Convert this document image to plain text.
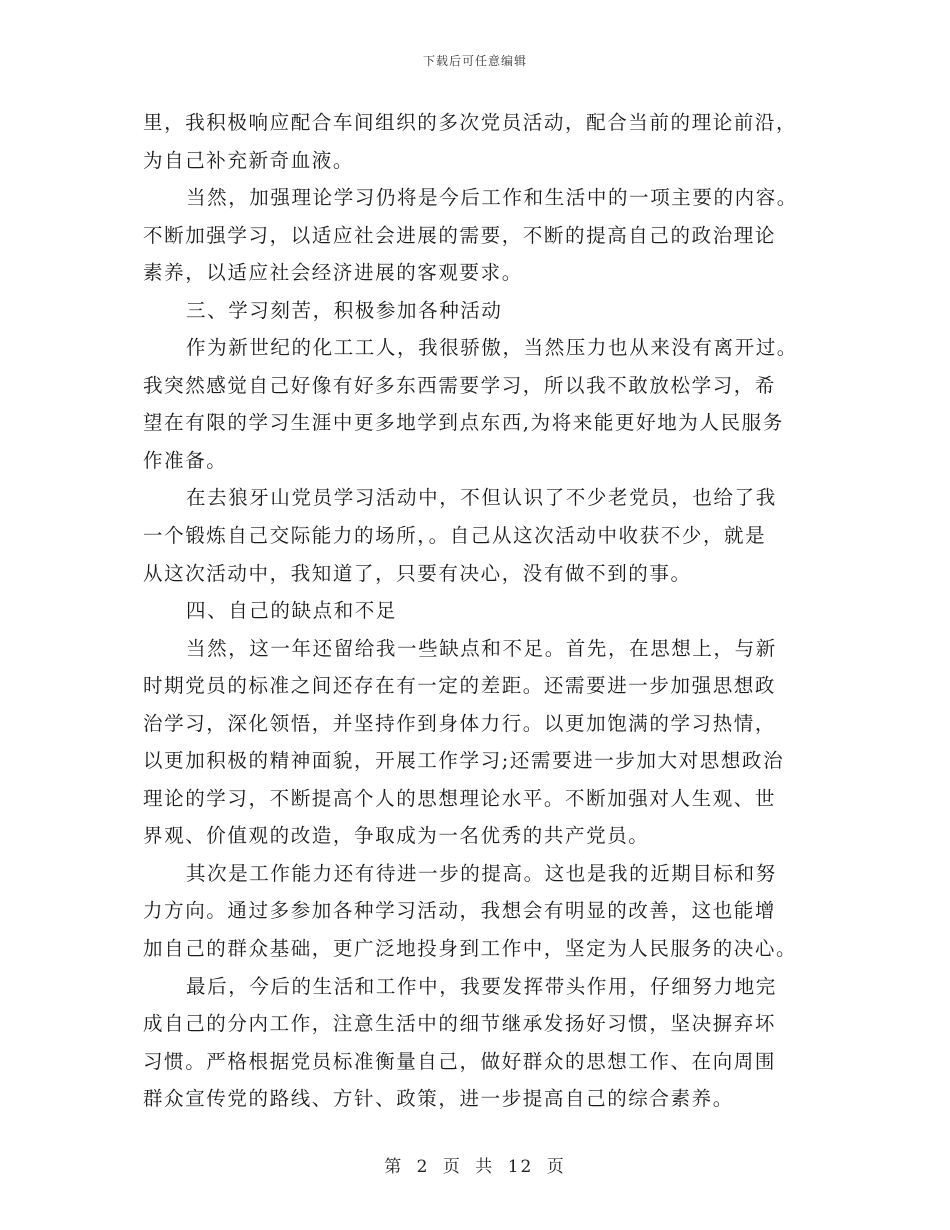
下载后可任意编辑
里，我积极响应配合车间组织的多次党员活动，配合当前的理论前沿，
为自己补充新奇血液。
当然，加强理论学习仍将是今后工作和生活中的一项主要的内容。
不断加强学习，以适应社会进展的需要，不断的提高自己的政治理论
素养，以适应社会经济进展的客观要求。
三、学习刻苦，积极参加各种活动
作为新世纪的化工工人，我很骄傲，当然压力也从来没有离开过。
我突然感觉自己好像有好多东西需要学习，所以我不敢放松学习，希
望在有限的学习生涯中更多地学到点东西,为将来能更好地为人民服务
作准备。
在去狼牙山党员学习活动中，不但认识了不少老党员，也给了我
一个锻炼自己交际能力的场所，。自己从这次活动中收获不少，就是
从这次活动中，我知道了，只要有决心，没有做不到的事。
四、自己的缺点和不足
当然，这一年还留给我一些缺点和不足。首先，在思想上，与新
时期党员的标准之间还存在有一定的差距。还需要进一步加强思想政
治学习，深化领悟，并坚持作到身体力行。以更加饱满的学习热情，
以更加积极的精神面貌，开展工作学习;还需要进一步加大对思想政治
理论的学习，不断提高个人的思想理论水平。不断加强对人生观、世
界观、价值观的改造，争取成为一名优秀的共产党员。
其次是工作能力还有待进一步的提高。这也是我的近期目标和努
力方向。通过多参加各种学习活动，我想会有明显的改善，这也能增
加自己的群众基础，更广泛地投身到工作中，坚定为人民服务的决心。
最后，今后的生活和工作中，我要发挥带头作用，仔细努力地完
成自己的分内工作，注意生活中的细节继承发扬好习惯，坚决摒弃坏
习惯。严格根据党员标准衡量自己，做好群众的思想工作、在向周围
群众宣传党的路线、方针、政策，进一步提高自己的综合素养。
第 2 页 共 12 页
